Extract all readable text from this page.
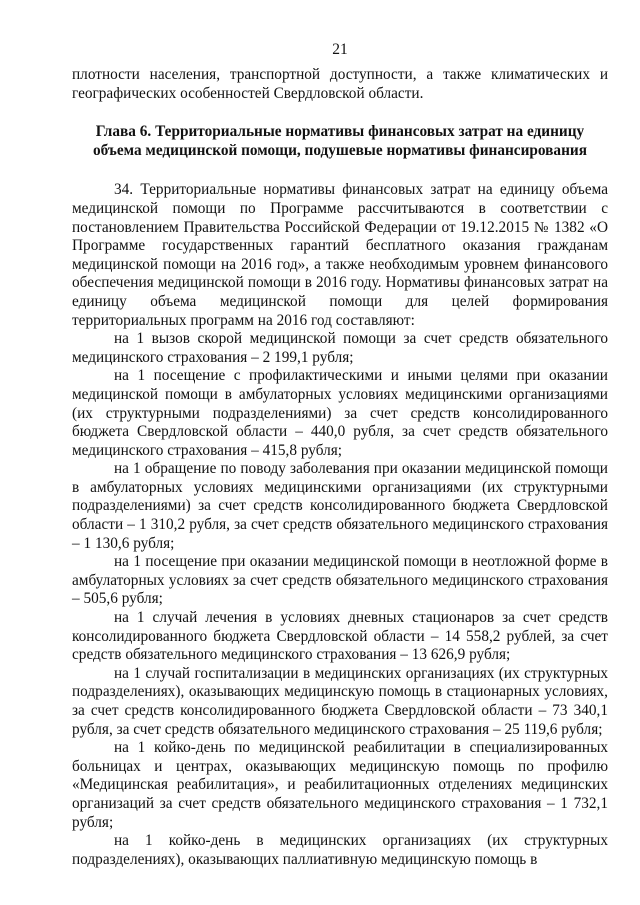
21

плотности населения, транспортной доступности, а также климатических и географических особенностей Свердловской области.

Глава 6. Территориальные нормативы финансовых затрат на единицу объема медицинской помощи, подушевые нормативы финансирования

34. Территориальные нормативы финансовых затрат на единицу объема медицинской помощи по Программе рассчитываются в соответствии с постановлением Правительства Российской Федерации от 19.12.2015 № 1382 «О Программе государственных гарантий бесплатного оказания гражданам медицинской помощи на 2016 год», а также необходимым уровнем финансового обеспечения медицинской помощи в 2016 году. Нормативы финансовых затрат на единицу объема медицинской помощи для целей формирования территориальных программ на 2016 год составляют:

на 1 вызов скорой медицинской помощи за счет средств обязательного медицинского страхования – 2 199,1 рубля;

на 1 посещение с профилактическими и иными целями при оказании медицинской помощи в амбулаторных условиях медицинскими организациями (их структурными подразделениями) за счет средств консолидированного бюджета Свердловской области – 440,0 рубля, за счет средств обязательного медицинского страхования – 415,8 рубля;

на 1 обращение по поводу заболевания при оказании медицинской помощи в амбулаторных условиях медицинскими организациями (их структурными подразделениями) за счет средств консолидированного бюджета Свердловской области – 1 310,2 рубля, за счет средств обязательного медицинского страхования – 1 130,6 рубля;

на 1 посещение при оказании медицинской помощи в неотложной форме в амбулаторных условиях за счет средств обязательного медицинского страхования – 505,6 рубля;

на 1 случай лечения в условиях дневных стационаров за счет средств консолидированного бюджета Свердловской области – 14 558,2 рублей, за счет средств обязательного медицинского страхования – 13 626,9 рубля;

на 1 случай госпитализации в медицинских организациях (их структурных подразделениях), оказывающих медицинскую помощь в стационарных условиях, за счет средств консолидированного бюджета Свердловской области – 73 340,1 рубля, за счет средств обязательного медицинского страхования – 25 119,6 рубля;

на 1 койко-день по медицинской реабилитации в специализированных больницах и центрах, оказывающих медицинскую помощь по профилю «Медицинская реабилитация», и реабилитационных отделениях медицинских организаций за счет средств обязательного медицинского страхования – 1 732,1 рубля;

на 1 койко-день в медицинских организациях (их структурных подразделениях), оказывающих паллиативную медицинскую помощь в
